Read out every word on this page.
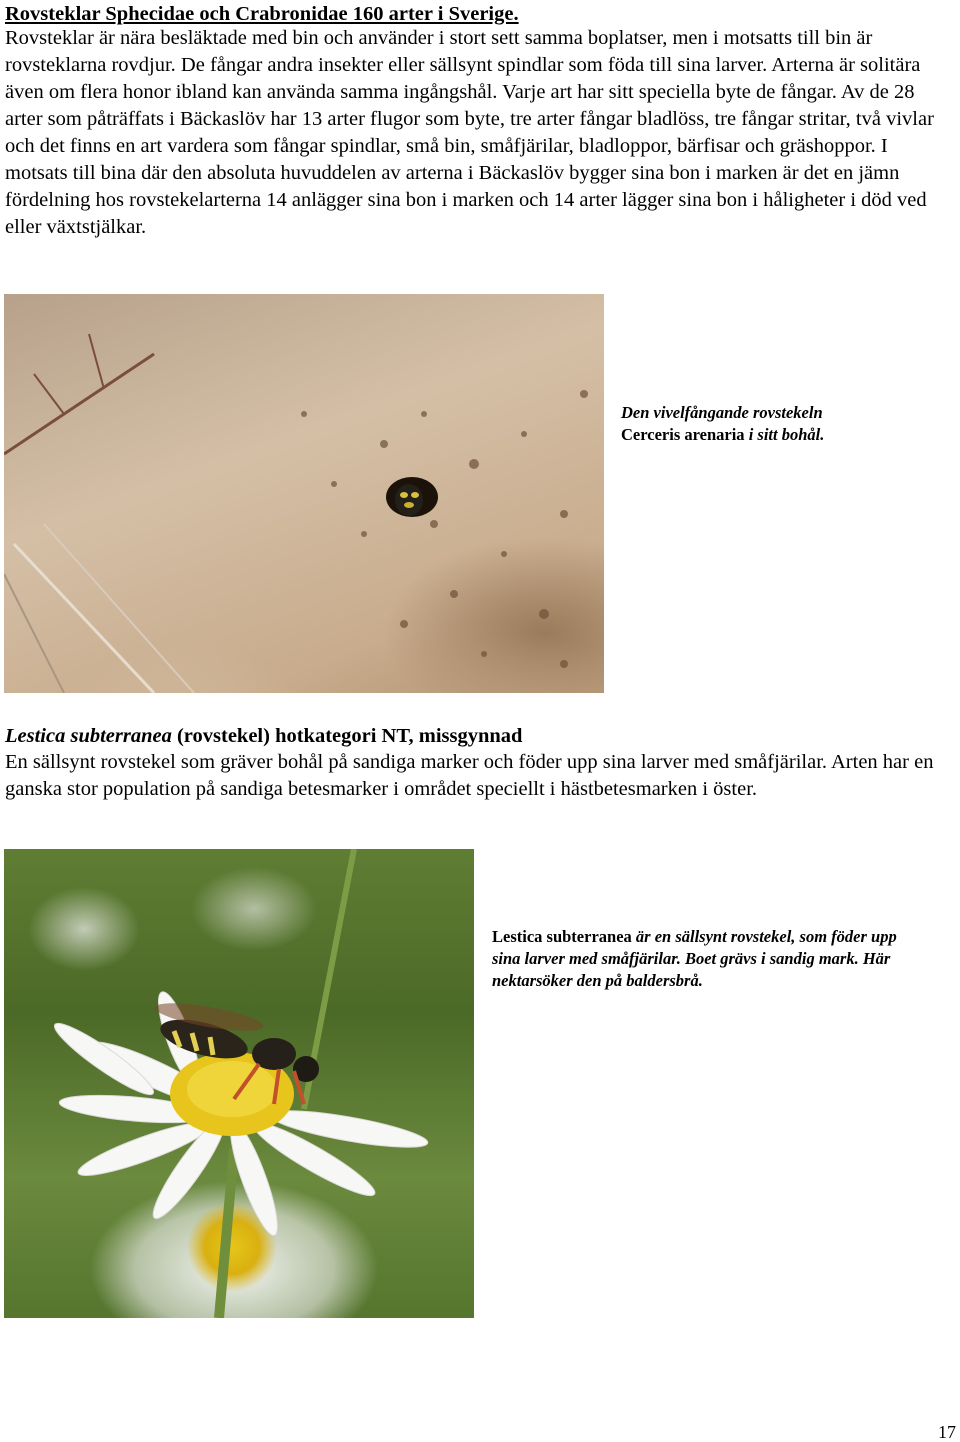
Rovsteklar Sphecidae och Crabronidae 160 arter i Sverige.

Rovsteklar är nära besläktade med bin och använder i stort sett samma boplatser, men i motsatts till bin är rovsteklarna rovdjur. De fångar andra insekter eller sällsynt spindlar som föda till sina larver. Arterna är solitära även om flera honor ibland kan använda samma ingångshål. Varje art har sitt speciella byte de fångar. Av de 28 arter som påträffats i Bäckaslöv har 13 arter flugor som byte, tre arter fångar bladlöss, tre fångar stritar, två vivlar och det finns en art vardera som fångar spindlar, små bin, småfjärilar, bladloppor, bärfisar och gräshoppor. I motsats till bina där den absoluta huvuddelen av arterna i Bäckaslöv bygger sina bon i marken är det en jämn fördelning hos rovstekelarterna 14 anlägger sina bon i marken och 14 arter lägger sina bon i håligheter i död ved eller växtstjälkar.

Den vivelfångande rovstekeln
Cerceris arenaria i sitt bohål.

Lestica subterranea (rovstekel) hotkategori NT, missgynnad

En sällsynt rovstekel som gräver bohål på sandiga marker och föder upp sina larver med småfjärilar. Arten har en ganska stor population på sandiga betesmarker i området speciellt i hästbetesmarken i öster.

Lestica subterranea är en sällsynt rovstekel, som föder upp sina larver med småfjärilar. Boet grävs i sandig mark. Här nektarsöker den på baldersbrå.

17
